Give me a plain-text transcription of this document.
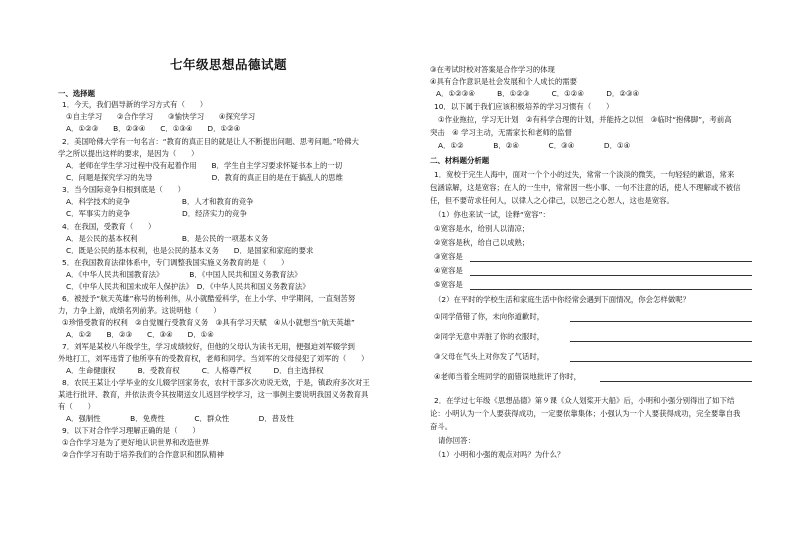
七年级思想品德试题
一、选择题
1．今天，我们倡导新的学习方式有（　　）
①自主学习　　②合作学习　　③愉快学习　　④探究学习
A．①②③　　B．②③④　　C．①③④　　D．①②④
2．美国哈佛大学有一句名言：“教育的真正目的就是让人不断提出问题、思考问题。”哈佛大
学之所以提出这样的要求，是因为（　　）
A．老师在学生学习过程中没有起着作用　　B．学生自主学习要求怀疑书本上的一切
C．问题是探究学习的先导　　　　　　　　D．教育的真正目的是在于搞乱人的思维
3．当今国际竞争归根到底是（　　）
A．科学技术的竞争　　　　　　　B．人才和教育的竞争
C．军事实力的竞争　　　　　　　D．经济实力的竞争
4．在我国，受教育（　　）
A．是公民的基本权利　　　　　　B．是公民的一项基本义务
C．既是公民的基本权利，也是公民的基本义务　　D．是国家和家庭的要求
5．在我国教育法律体系中，专门调整我国实施义务教育的是（　　）
A．《中华人民共和国教育法》　　　　B．《中国人民共和国义务教育法》
C．《中华人民共和国未成年人保护法》　D．《中华人民共和国义务教育法》
6．被授予“航天英雄”称号的杨利伟，从小就酷爱科学，在上小学、中学期间，一直刻苦努
力，力争上游，成绩名列前茅。这说明他（　　）
①珍惜受教育的权利　②自觉履行受教育义务　③具有学习天赋　④从小就想当“航天英雄”
A．①②　　B．②③　　C．③④　　D．①④
7．刘军是某校八年级学生，学习成绩较好，但他的父母认为读书无用，便强迫刘军辍学到
外地打工，刘军违背了他所享有的受教育权，老师和同学。当刘军的父母侵犯了刘军的（　　）
A．生命健康权　　　B．受教育权　　　C．人格尊严权　　　D．自主选择权
8．农民王某让小学毕业的女儿辍学回家务农，农村干部多次劝说无效，于是，镇政府多次对王
某进行批评、教育，并依法责令其按期送女儿返回学校学习，这一事例主要说明我国义务教育具
有（　　）
A．强制性　　　　B．免费性　　　　C．群众性　　　　D．普及性
9．以下对合作学习理解正确的是（　　）
①合作学习是为了更好地认识世界和改造世界
②合作学习有助于培养我们的合作意识和团队精神
③在考试时校对答案是合作学习的体现
④具有合作意识是社会发展和个人成长的需要
A．①②③④　　　B．①②③　　　C．①②④　　　D．②③④
10．以下属于我们应该积极培养的学习习惯有（　　）
①作业拖拉，学习无计划　②有科学合理的计划，并能持之以恒　③临时“抱佛脚”，考前高
突击　④ 学习主动，无需家长和老师的监督
A．①②　　　　B．②④　　　　C．③④　　　　D．①④
二、材料题分析题
1．宽校于完生人海中，面对一个个小的过失，常常一个淡淡的微笑，一句轻轻的歉语，常来
包涵谅解，这是宽容；在人的一生中，常常因一些小事、一句不注意的话，使人不理解或不被信
任，但不要苛求任何人，以律人之心律己，以恕己之心恕人，这也是宽容。
（1）你也来试一试，诠释“宽容”：
①宽容是水，给别人以清凉；
②宽容是秋，给自己以成熟；
③宽容是
④宽容是
⑤宽容是
（2）在平时的学校生活和家庭生活中你经常会遇到下面情况，你会怎样做呢？
①同学借错了你，未向你道歉时，
②同学无意中弄脏了你的衣服时，
③父母在气头上对你发了气话时，
④老师当着全班同学的面错误地批评了你时，
2．在学过七年级《思想品德》第９课《众人划桨开大船》后，小明和小强分别得出了如下结
论：小明认为一个人要获得成功，一定要依靠集体；小强认为一个人要获得成功，完全要靠自我
奋斗。
请你回答：
（1）小明和小强的观点对吗？为什么？
